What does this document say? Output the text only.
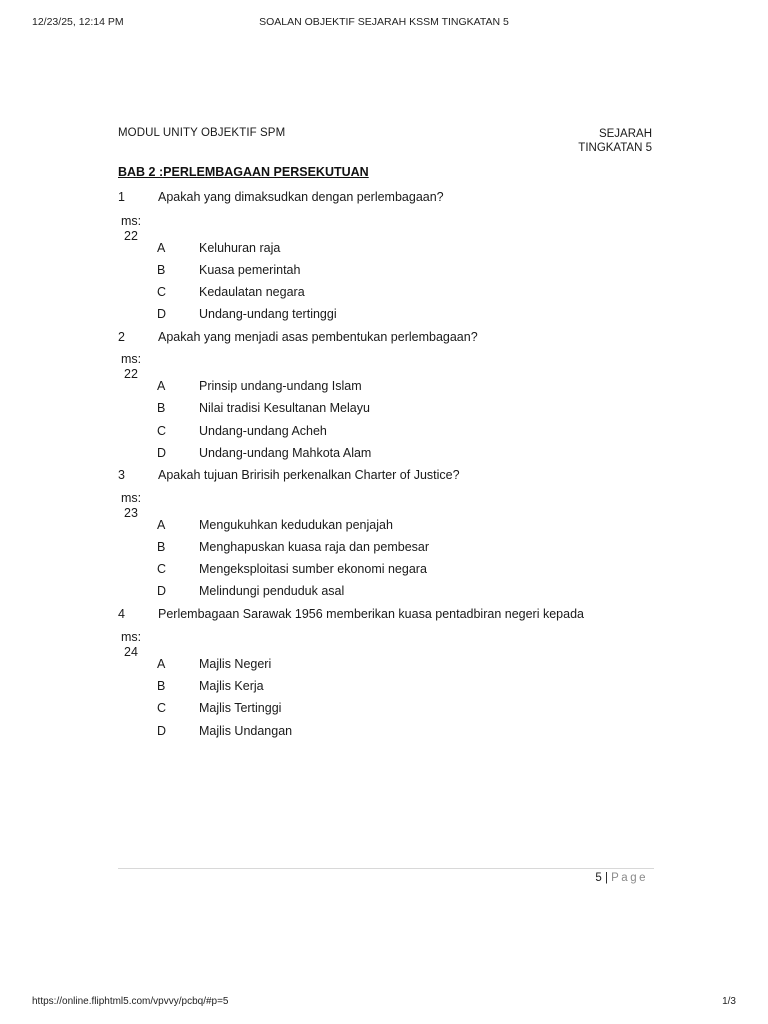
12/23/25, 12:14 PM	SOALAN OBJEKTIF SEJARAH KSSM TINGKATAN 5
MODUL UNITY OBJEKTIF SPM	SEJARAH
TINGKATAN 5
BAB 2 :PERLEMBAGAAN PERSEKUTUAN
1	Apakah yang dimaksudkan dengan perlembagaan?
ms:
22
A	Keluhuran raja
B	Kuasa pemerintah
C	Kedaulatan negara
D	Undang-undang tertinggi
2	Apakah yang menjadi asas pembentukan perlembagaan?
ms:
22
A	Prinsip undang-undang Islam
B	Nilai tradisi Kesultanan Melayu
C	Undang-undang Acheh
D	Undang-undang Mahkota Alam
3	Apakah tujuan Bririsih perkenalkan Charter of Justice?
ms:
23
A	Mengukuhkan kedudukan penjajah
B	Menghapuskan kuasa raja dan pembesar
C	Mengeksploitasi sumber ekonomi negara
D	Melindungi penduduk asal
4	Perlembagaan Sarawak 1956 memberikan kuasa pentadbiran negeri kepada
ms:
24
A	Majlis Negeri
B	Majlis Kerja
C	Majlis Tertinggi
D	Majlis Undangan
5 | Page
https://online.fliphtml5.com/vpvvy/pcbq/#p=5	1/3
